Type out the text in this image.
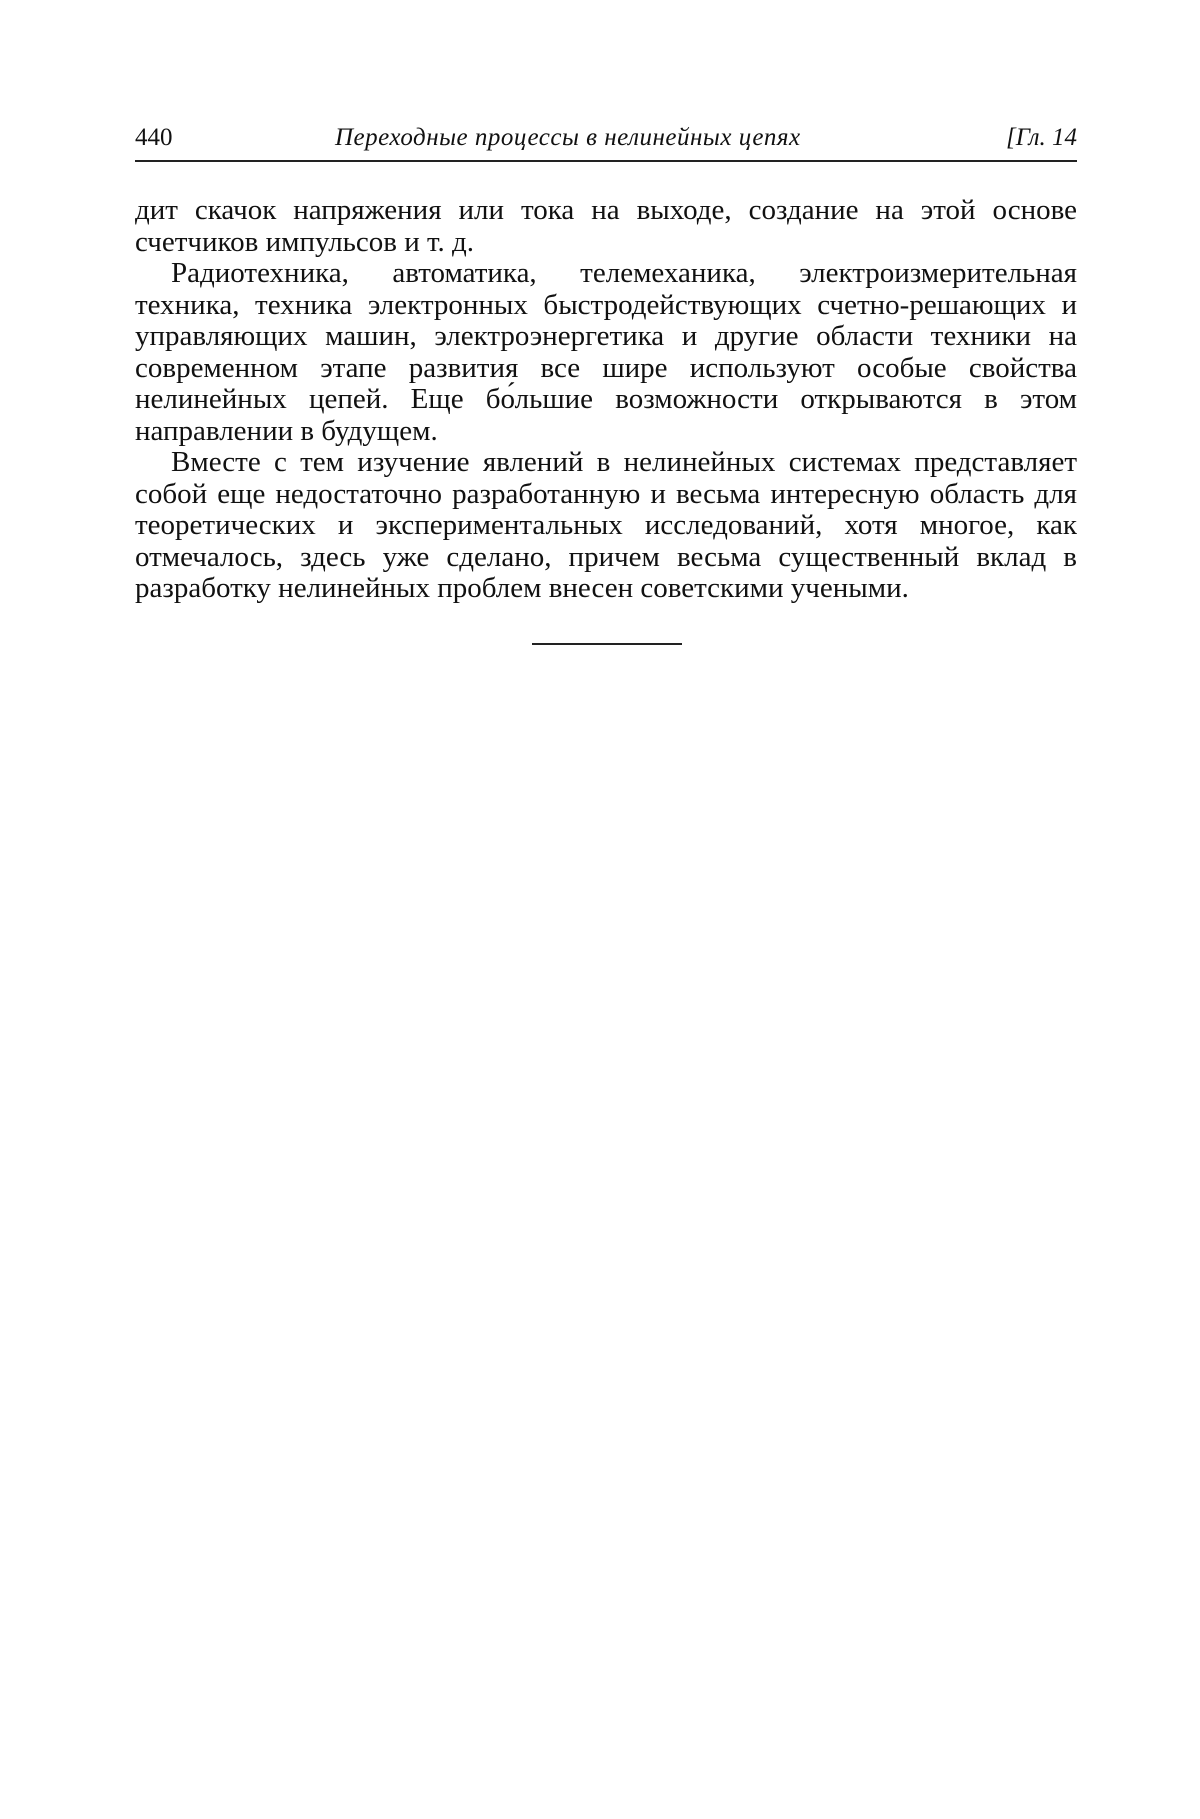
440	Переходные процессы в нелинейных цепях	[Гл. 14

дит скачок напряжения или тока на выходе, создание на этой основе счетчиков импульсов и т. д.

Радиотехника, автоматика, телемеханика, электроизмерительная техника, техника электронных быстродействующих счетно-решающих и управляющих машин, электроэнергетика и другие области техники на современном этапе развития все шире используют особые свойства нелинейных цепей. Еще бо́льшие возможности открываются в этом направлении в будущем.

Вместе с тем изучение явлений в нелинейных системах представляет собой еще недостаточно разработанную и весьма интересную область для теоретических и экспериментальных исследований, хотя многое, как отмечалось, здесь уже сделано, причем весьма существенный вклад в разработку нелинейных проблем внесен советскими учеными.
